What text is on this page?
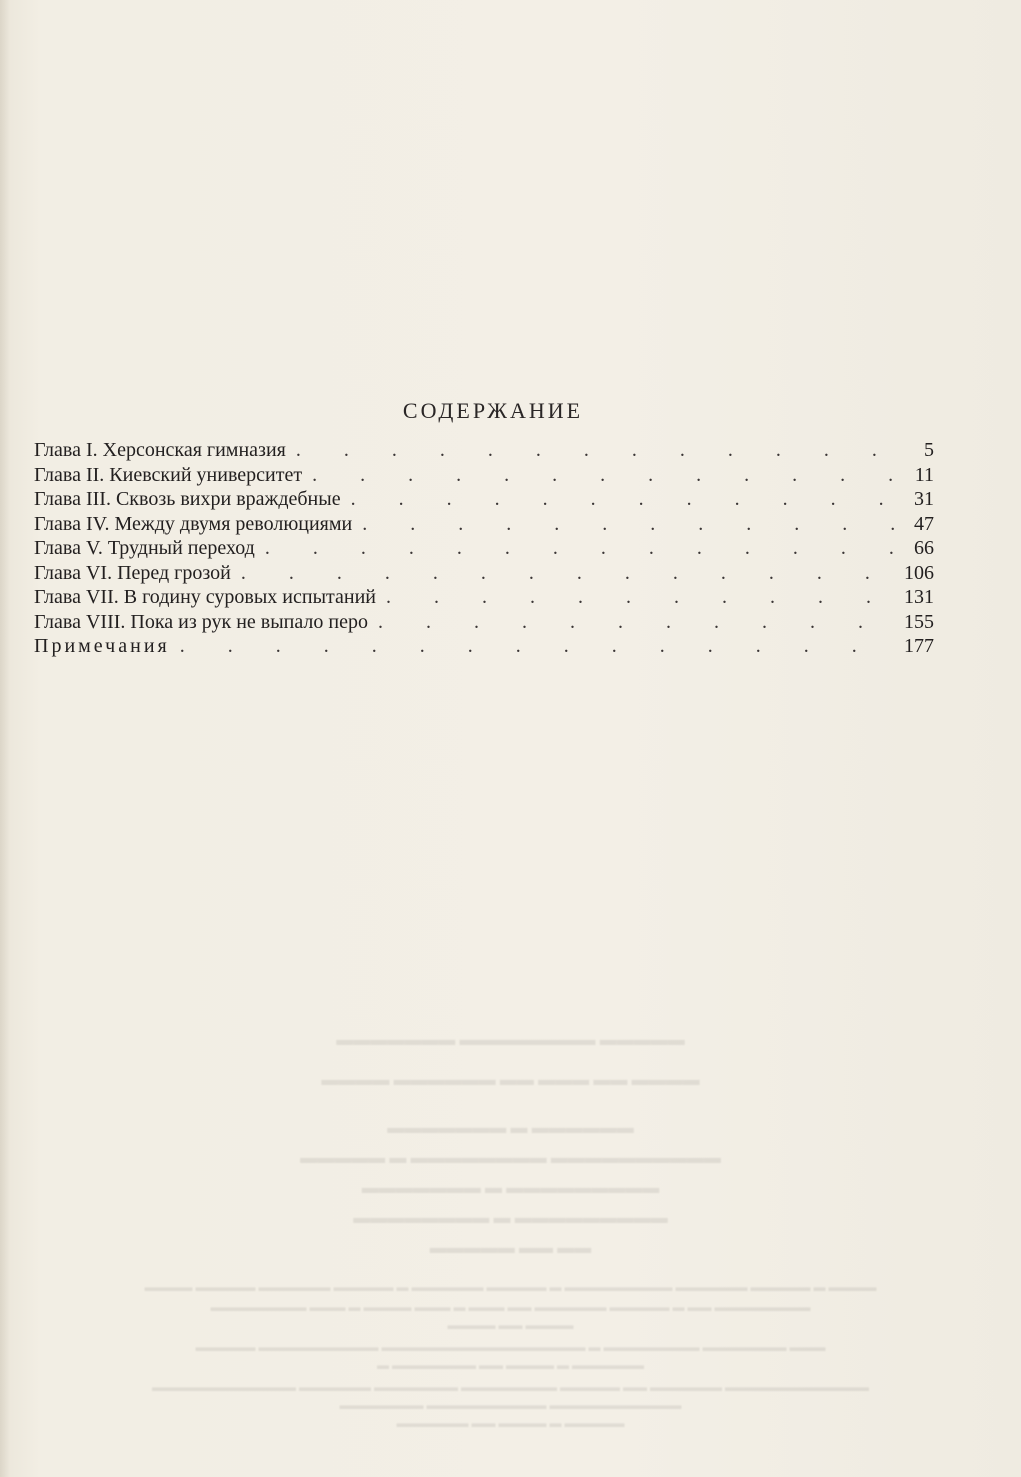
СОДЕРЖАНИЕ
Глава I. Херсонская гимназия . . .	5
Глава II. Киевский университет . . .	11
Глава III. Сквозь вихри враждебные . . .	31
Глава IV. Между двумя революциями . . .	47
Глава V. Трудный переход . . .	66
Глава VI. Перед грозой . . .	106
Глава VII. В годину суровых испытаний . . .	131
Глава VIII. Пока из рук не выпало перо . . .	155
Примечания . . .	177
▬▬▬▬▬ ▬▬▬▬▬▬▬▬ ▬▬▬▬▬▬▬
▬▬▬▬ ▬▬ ▬▬▬ ▬▬ ▬▬▬▬▬▬ ▬▬▬▬
▬▬▬▬▬▬ ▬ ▬▬▬▬▬▬▬
▬▬▬▬▬▬▬▬▬▬ ▬▬▬▬▬▬▬▬ ▬ ▬▬▬▬▬
▬▬▬▬▬▬▬▬▬ ▬ ▬▬▬▬▬▬▬
▬▬▬▬▬▬▬▬▬ ▬ ▬▬▬▬▬▬▬▬
▬▬ ▬▬ ▬▬▬▬▬
▬▬▬▬ ▬ ▬▬▬▬▬ ▬▬▬▬▬▬ ▬▬▬▬▬▬▬▬▬ ▬ ▬▬▬▬▬ ▬▬▬▬▬▬ ▬ ▬▬▬▬▬ ▬▬▬▬▬▬ ▬▬▬▬▬ ▬▬▬▬
▬▬▬▬▬▬▬▬ ▬▬ ▬ ▬▬▬▬▬ ▬▬▬▬▬▬ ▬▬ ▬▬▬ ▬ ▬▬▬ ▬▬▬▬ ▬ ▬▬▬ ▬▬▬▬▬▬▬▬
▬▬▬▬ ▬▬ ▬▬▬▬
▬▬▬ ▬▬▬▬▬▬▬ ▬▬▬▬▬▬▬▬ ▬ ▬▬▬▬▬▬▬▬▬▬▬▬▬▬▬▬▬ ▬▬▬▬▬▬▬▬▬▬ ▬▬▬▬▬
▬▬▬▬▬▬ ▬ ▬▬▬▬ ▬▬ ▬▬▬▬▬▬▬ ▬
▬▬▬▬▬▬▬▬▬▬▬▬ ▬▬▬▬▬▬ ▬▬ ▬▬▬▬▬ ▬▬▬▬▬▬▬▬ ▬▬▬▬▬▬▬ ▬▬▬▬▬▬ ▬▬▬▬▬▬▬▬▬▬▬▬
▬▬▬▬▬▬▬▬▬▬▬ ▬▬▬▬▬▬▬▬▬▬ ▬▬▬▬▬▬▬
▬▬▬▬▬ ▬ ▬▬▬▬ ▬▬ ▬▬▬▬▬▬
